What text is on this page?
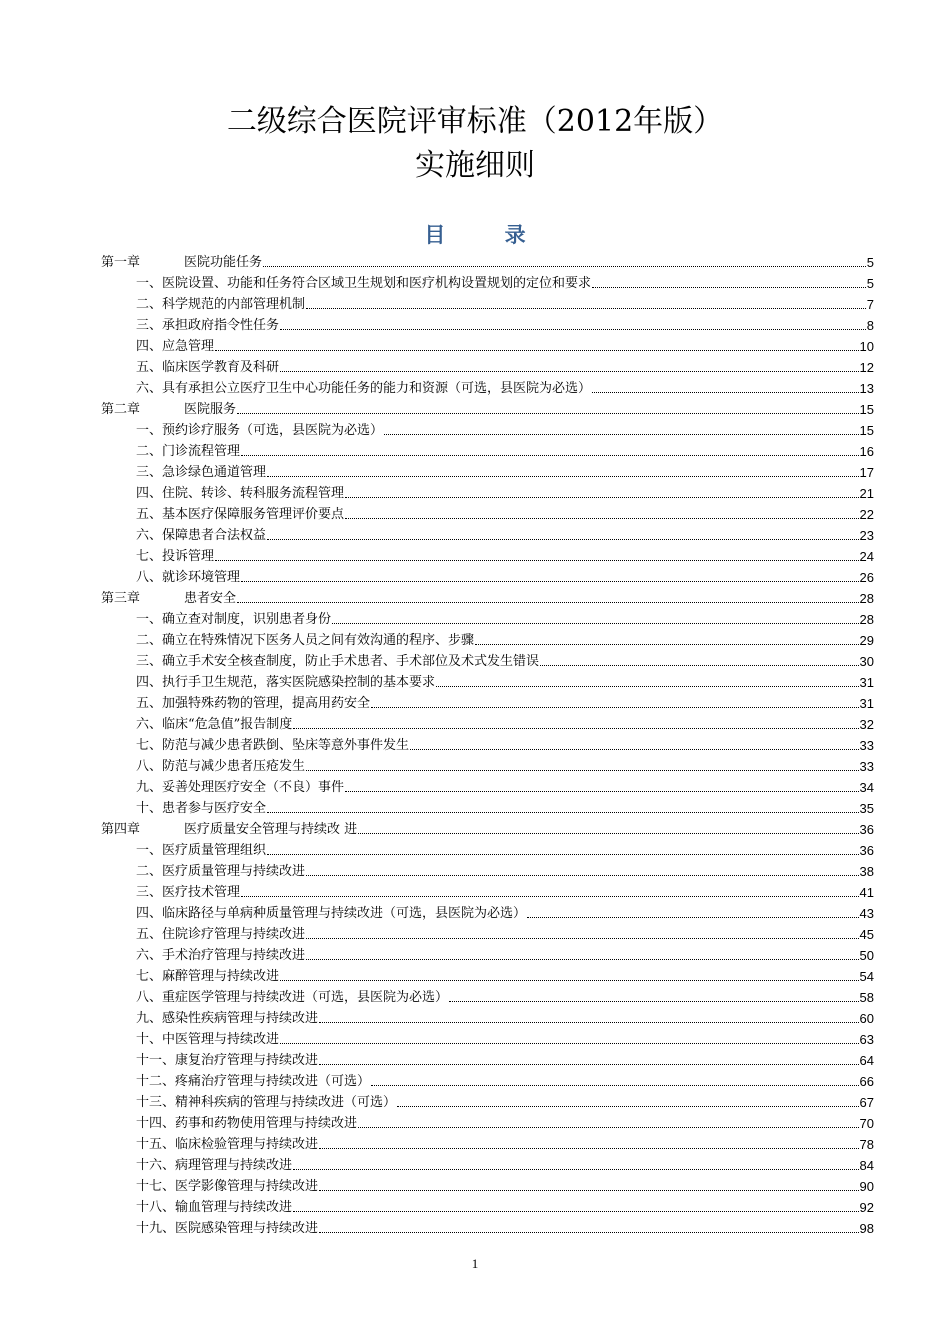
二级综合医院评审标准（2012年版）
实施细则
目 录
第一章	医院功能任务	5
一、医院设置、功能和任务符合区域卫生规划和医疗机构设置规划的定位和要求	5
二、科学规范的内部管理机制	7
三、承担政府指令性任务	8
四、应急管理	10
五、临床医学教育及科研	12
六、具有承担公立医疗卫生中心功能任务的能力和资源（可选，县医院为必选）	13
第二章	医院服务	15
一、预约诊疗服务（可选，县医院为必选）	15
二、门诊流程管理	16
三、急诊绿色通道管理	17
四、住院、转诊、转科服务流程管理	21
五、基本医疗保障服务管理评价要点	22
六、保障患者合法权益	23
七、投诉管理	24
八、就诊环境管理	26
第三章	患者安全	28
一、确立查对制度，识别患者身份	28
二、确立在特殊情况下医务人员之间有效沟通的程序、步骤	29
三、确立手术安全核查制度，防止手术患者、手术部位及术式发生错误	30
四、执行手卫生规范，落实医院感染控制的基本要求	31
五、加强特殊药物的管理，提高用药安全	31
六、临床“危急值”报告制度	32
七、防范与减少患者跌倒、坠床等意外事件发生	33
八、防范与减少患者压疮发生	33
九、妥善处理医疗安全（不良）事件	34
十、患者参与医疗安全	35
第四章	医疗质量安全管理与持续改 进	36
一、医疗质量管理组织	36
二、医疗质量管理与持续改进	38
三、医疗技术管理	41
四、临床路径与单病种质量管理与持续改进（可选，县医院为必选）	43
五、住院诊疗管理与持续改进	45
六、手术治疗管理与持续改进	50
七、麻醉管理与持续改进	54
八、重症医学管理与持续改进（可选，县医院为必选）	58
九、感染性疾病管理与持续改进	60
十、中医管理与持续改进	63
十一、康复治疗管理与持续改进	64
十二、疼痛治疗管理与持续改进（可选）	66
十三、精神科疾病的管理与持续改进（可选）	67
十四、药事和药物使用管理与持续改进	70
十五、临床检验管理与持续改进	78
十六、病理管理与持续改进	84
十七、医学影像管理与持续改进	90
十八、输血管理与持续改进	92
十九、医院感染管理与持续改进	98
1
